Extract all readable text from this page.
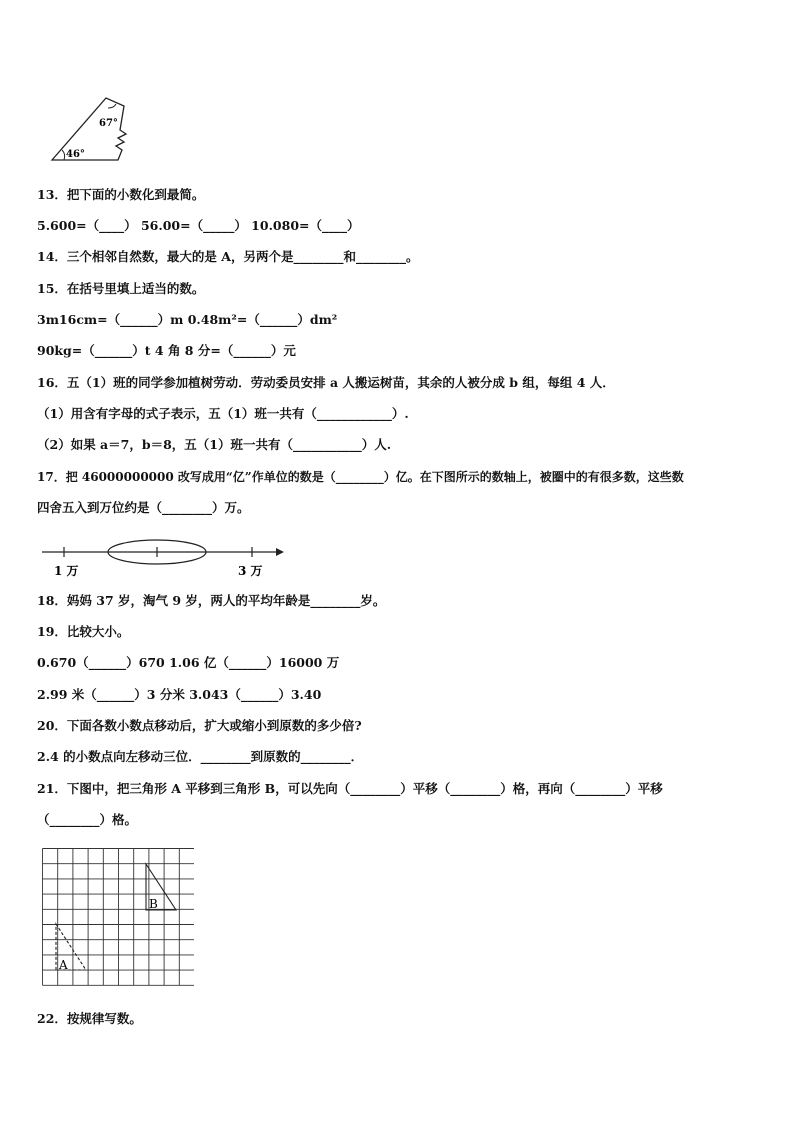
67°
46°
13．把下面的小数化到最简。
5.600=（____） 56.00=（_____） 10.080=（____）
14．三个相邻自然数，最大的是 A，另两个是________和________。
15．在括号里填上适当的数。
3m16cm=（______）m 0.48m²=（______）dm²
90kg=（______）t 4 角 8 分=（______）元
16．五（1）班的同学参加植树劳动．劳动委员安排 a 人搬运树苗，其余的人被分成 b 组，每组 4 人．
（1）用含有字母的式子表示，五（1）班一共有（____________）.
（2）如果 a＝7，b＝8，五（1）班一共有（___________）人.
17．把 46000000000 改写成用“亿”作单位的数是（________）亿。在下图所示的数轴上，被圈中的有很多数，这些数
四舍五入到万位约是（________）万。
1 万	3 万
18．妈妈 37 岁，淘气 9 岁，两人的平均年龄是________岁。
19．比较大小。
0.670（______）670 1.06 亿（______）16000 万
2.99 米（______）3 分米 3.043（______）3.40
20．下面各数小数点移动后，扩大或缩小到原数的多少倍?
2.4 的小数点向左移动三位．________到原数的________．
21．下图中，把三角形 A 平移到三角形 B，可以先向（________）平移（________）格，再向（________）平移
（________）格。
B
A
22．按规律写数。
